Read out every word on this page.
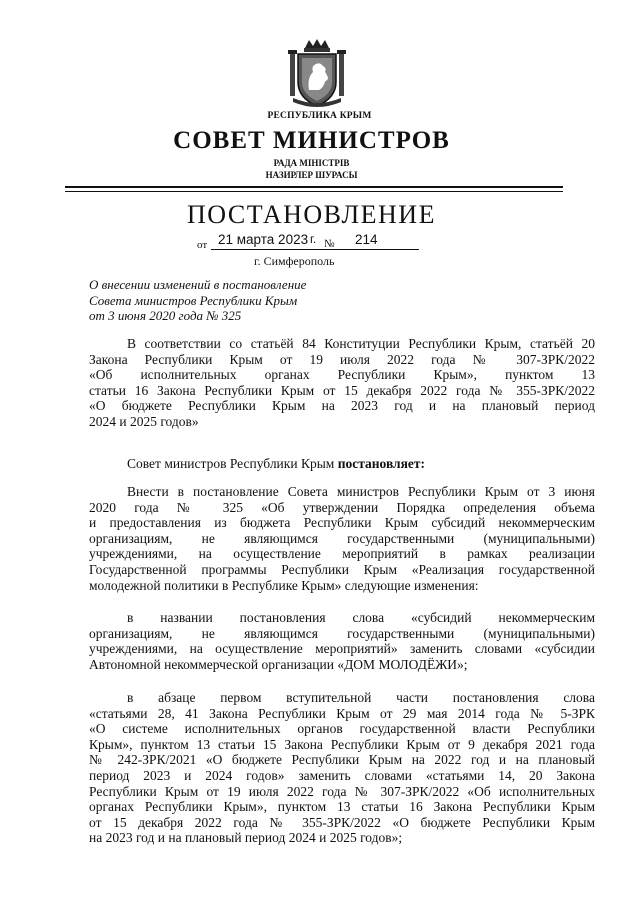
РЕСПУБЛИКА КРЫМ
СОВЕТ МИНИСТРОВ
РАДА МІНІСТРІВ
НАЗИРЛЕР ШУРАСЫ
ПОСТАНОВЛЕНИЕ
от 21 марта 2023 г. № 214
г. Симферополь
О внесении изменений в постановление
Совета министров Республики Крым
от 3 июня 2020 года № 325
В соответствии со статьёй 84 Конституции Республики Крым, статьёй 20
Закона Республики Крым от 19 июля 2022 года № 307-ЗРК/2022
«Об исполнительных органах Республики Крым», пунктом 13
статьи 16 Закона Республики Крым от 15 декабря 2022 года № 355-ЗРК/2022
«О бюджете Республики Крым на 2023 год и на плановый период
2024 и 2025 годов»
Совет министров Республики Крым постановляет:
Внести в постановление Совета министров Республики Крым от 3 июня
2020 года № 325 «Об утверждении Порядка определения объема
и предоставления из бюджета Республики Крым субсидий некоммерческим
организациям, не являющимся государственными (муниципальными)
учреждениями, на осуществление мероприятий в рамках реализации
Государственной программы Республики Крым «Реализация государственной
молодежной политики в Республике Крым» следующие изменения:
в названии постановления слова «субсидий некоммерческим
организациям, не являющимся государственными (муниципальными)
учреждениями, на осуществление мероприятий» заменить словами «субсидии
Автономной некоммерческой организации «ДОМ МОЛОДЁЖИ»;
в абзаце первом вступительной части постановления слова
«статьями 28, 41 Закона Республики Крым от 29 мая 2014 года № 5-ЗРК
«О системе исполнительных органов государственной власти Республики
Крым», пунктом 13 статьи 15 Закона Республики Крым от 9 декабря 2021 года
№ 242-ЗРК/2021 «О бюджете Республики Крым на 2022 год и на плановый
период 2023 и 2024 годов» заменить словами «статьями 14, 20 Закона
Республики Крым от 19 июля 2022 года № 307-ЗРК/2022 «Об исполнительных
органах Республики Крым», пунктом 13 статьи 16 Закона Республики Крым
от 15 декабря 2022 года № 355-ЗРК/2022 «О бюджете Республики Крым
на 2023 год и на плановый период 2024 и 2025 годов»;
